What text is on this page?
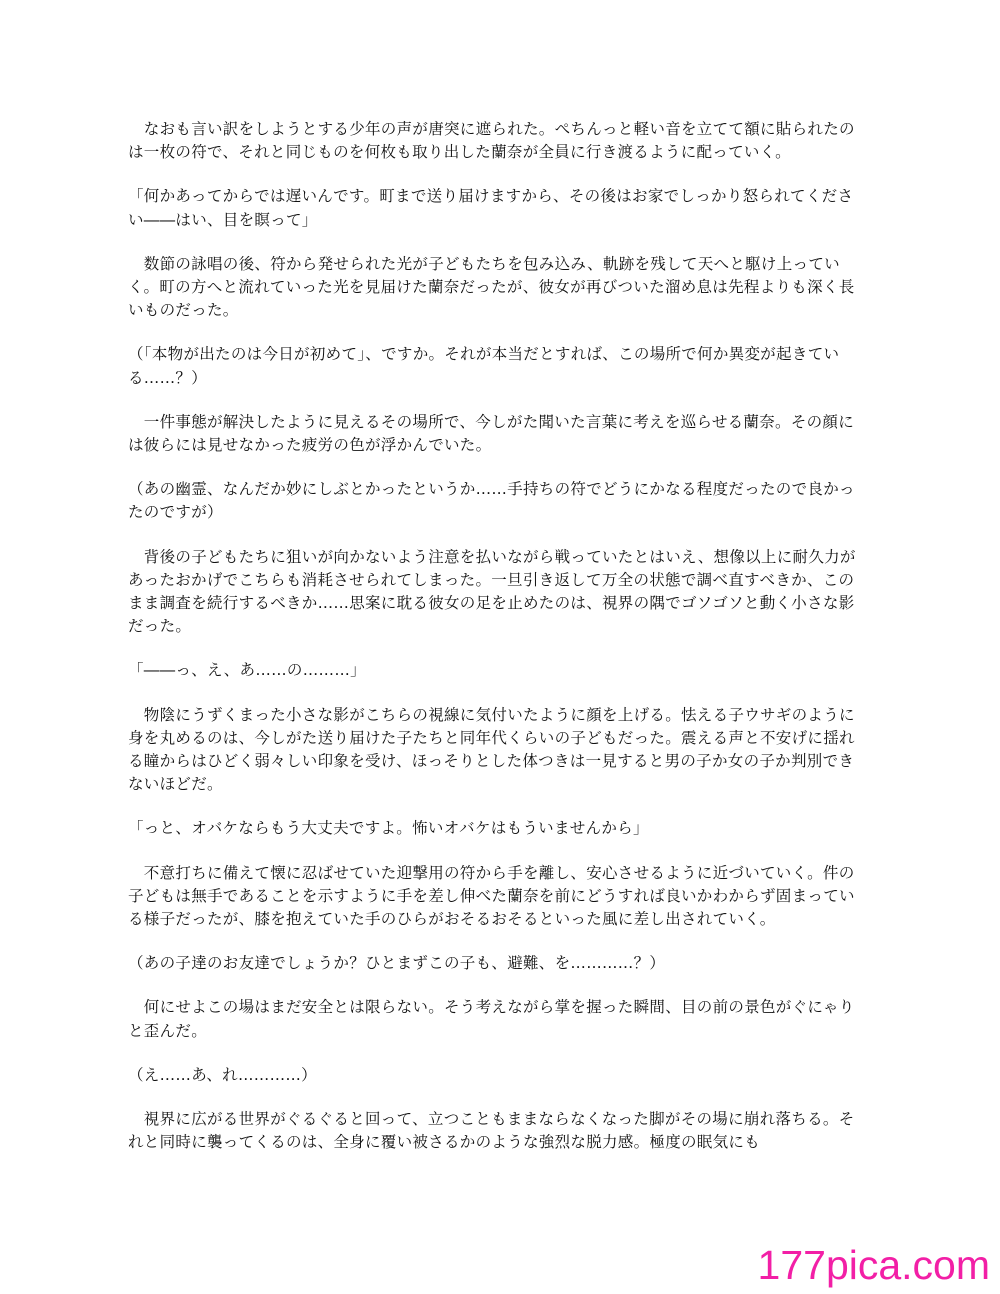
　なおも言い訳をしようとする少年の声が唐突に遮られた。ぺちんっと軽い音を立てて額に貼られたのは一枚の符で、それと同じものを何枚も取り出した蘭奈が全員に行き渡るように配っていく。

「何かあってからでは遅いんです。町まで送り届けますから、その後はお家でしっかり怒られてください――はい、目を瞑って」

　数節の詠唱の後、符から発せられた光が子どもたちを包み込み、軌跡を残して天へと駆け上っていく。町の方へと流れていった光を見届けた蘭奈だったが、彼女が再びついた溜め息は先程よりも深く長いものだった。

（「本物が出たのは今日が初めて」、ですか。それが本当だとすれば、この場所で何か異変が起きている……？）

　一件事態が解決したように見えるその場所で、今しがた聞いた言葉に考えを巡らせる蘭奈。その顔には彼らには見せなかった疲労の色が浮かんでいた。

（あの幽霊、なんだか妙にしぶとかったというか……手持ちの符でどうにかなる程度だったので良かったのですが）

　背後の子どもたちに狙いが向かないよう注意を払いながら戦っていたとはいえ、想像以上に耐久力があったおかげでこちらも消耗させられてしまった。一旦引き返して万全の状態で調べ直すべきか、このまま調査を続行するべきか……思案に耽る彼女の足を止めたのは、視界の隅でゴソゴソと動く小さな影だった。

「――っ、え、あ……の………」

　物陰にうずくまった小さな影がこちらの視線に気付いたように顔を上げる。怯える子ウサギのように身を丸めるのは、今しがた送り届けた子たちと同年代くらいの子どもだった。震える声と不安げに揺れる瞳からはひどく弱々しい印象を受け、ほっそりとした体つきは一見すると男の子か女の子か判別できないほどだ。

「っと、オバケならもう大丈夫ですよ。怖いオバケはもういませんから」

　不意打ちに備えて懐に忍ばせていた迎撃用の符から手を離し、安心させるように近づいていく。件の子どもは無手であることを示すように手を差し伸べた蘭奈を前にどうすれば良いかわからず固まっている様子だったが、膝を抱えていた手のひらがおそるおそるといった風に差し出されていく。

（あの子達のお友達でしょうか？ひとまずこの子も、避難、を…………？）

　何にせよこの場はまだ安全とは限らない。そう考えながら掌を握った瞬間、目の前の景色がぐにゃりと歪んだ。

（え……あ、れ…………）

　視界に広がる世界がぐるぐると回って、立つこともままならなくなった脚がその場に崩れ落ちる。それと同時に襲ってくるのは、全身に覆い被さるかのような強烈な脱力感。極度の眠気にも

177pica.com
